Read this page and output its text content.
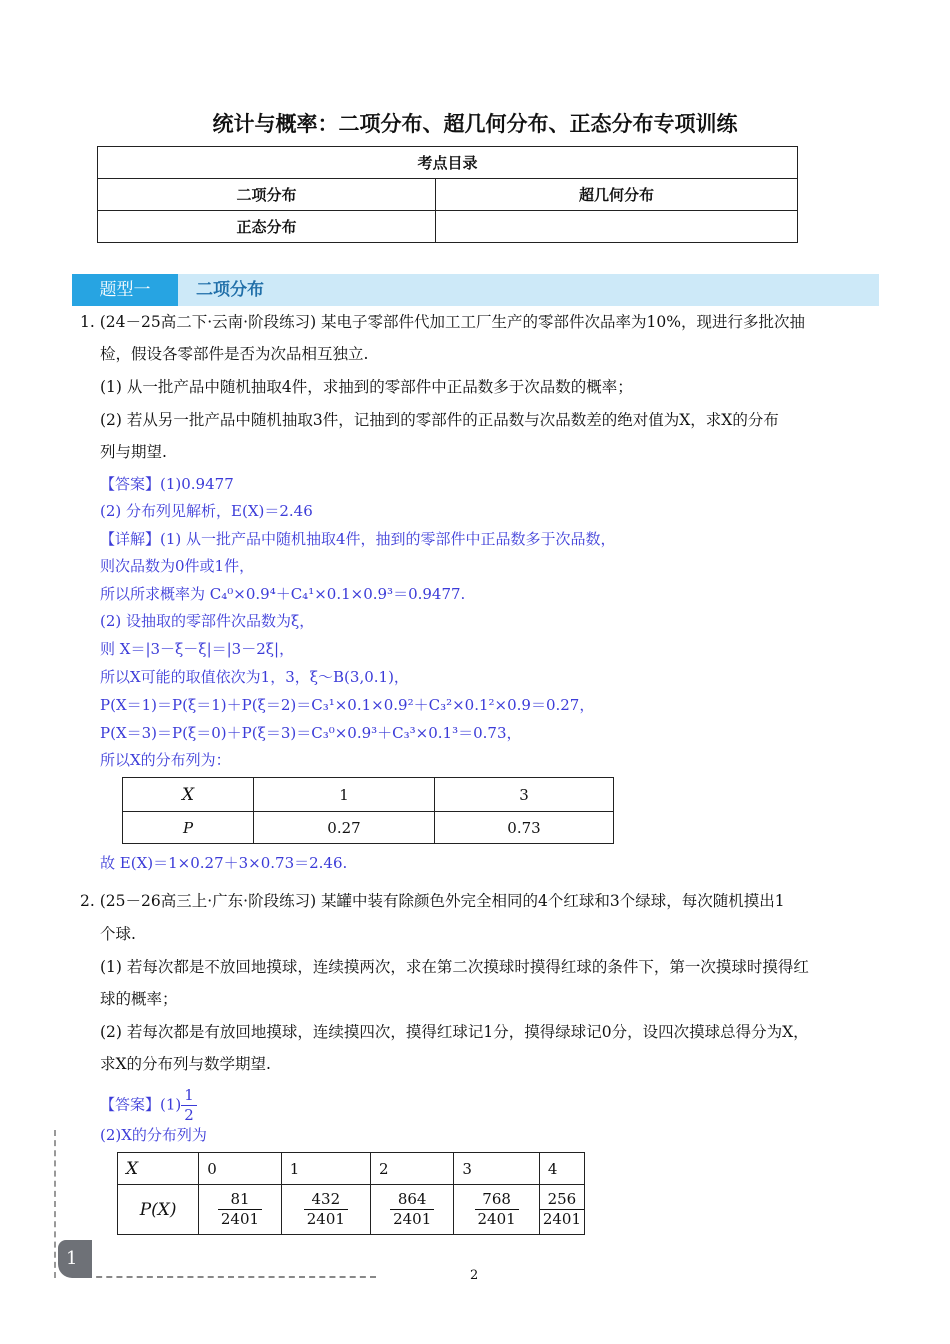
统计与概率：二项分布、超几何分布、正态分布专项训练
考点目录	
二项分布	超几何分布
正态分布	
题型一	二项分布
1. (24－25高二下·云南·阶段练习) 某电子零部件代加工工厂生产的零部件次品率为10%，现进行多批次抽
检，假设各零部件是否为次品相互独立.
(1) 从一批产品中随机抽取4件，求抽到的零部件中正品数多于次品数的概率；
(2) 若从另一批产品中随机抽取3件，记抽到的零部件的正品数与次品数差的绝对值为X，求X的分布
列与期望.
【答案】(1)0.9477
(2) 分布列见解析，E(X)＝2.46
【详解】(1) 从一批产品中随机抽取4件，抽到的零部件中正品数多于次品数，
则次品数为0件或1件，
所以所求概率为 C₄⁰×0.9⁴＋C₄¹×0.1×0.9³＝0.9477.
(2) 设抽取的零部件次品数为ξ，
则 X＝|3－ξ－ξ|＝|3－2ξ|，
所以X可能的取值依次为1，3，ξ～B(3,0.1)，
P(X＝1)＝P(ξ＝1)＋P(ξ＝2)＝C₃¹×0.1×0.9²＋C₃²×0.1²×0.9＝0.27，
P(X＝3)＝P(ξ＝0)＋P(ξ＝3)＝C₃⁰×0.9³＋C₃³×0.1³＝0.73，
所以X的分布列为：
X	1	3
P	0.27	0.73
故 E(X)＝1×0.27＋3×0.73＝2.46.
2. (25－26高三上·广东·阶段练习) 某罐中装有除颜色外完全相同的4个红球和3个绿球，每次随机摸出1
个球.
(1) 若每次都是不放回地摸球，连续摸两次，求在第二次摸球时摸得红球的条件下，第一次摸球时摸得红
球的概率；
(2) 若每次都是有放回地摸球，连续摸四次，摸得红球记1分，摸得绿球记0分，设四次摸球总得分为X，
求X的分布列与数学期望.
【答案】$(1) \frac{1}{2}$
(2)X的分布列为
X	0	1	2	3	4
P(X)	$\frac{81}{2401}$	$\frac{432}{2401}$	$\frac{864}{2401}$	$\frac{768}{2401}$	$\frac{256}{2401}$
1
2
